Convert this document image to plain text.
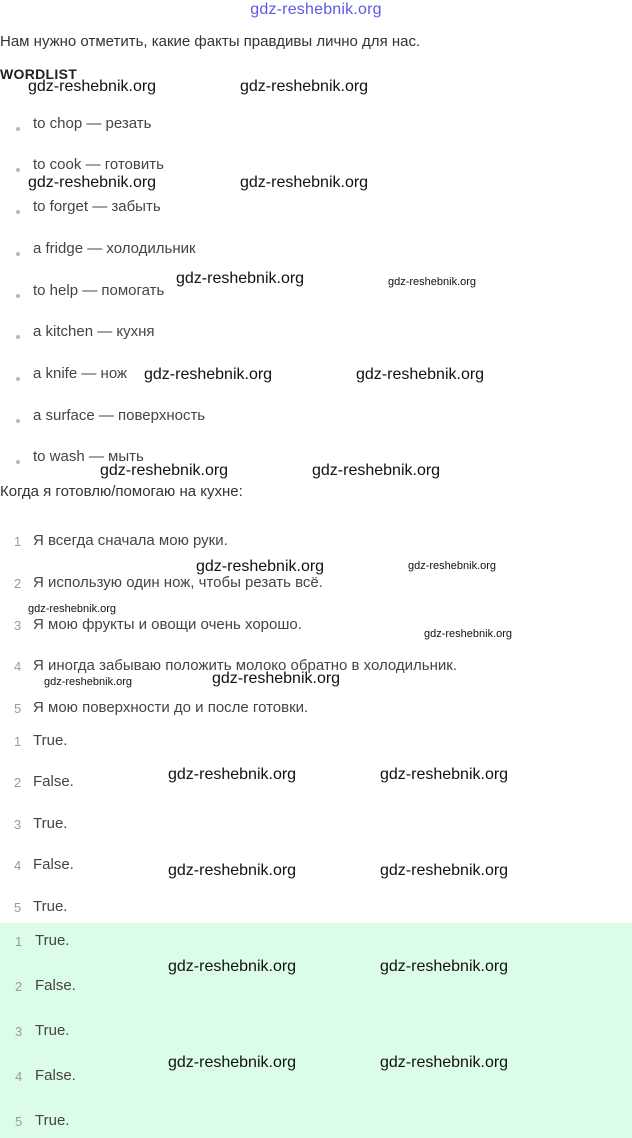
gdz-reshebnik.org
Нам нужно отметить, какие факты правдивы лично для нас.
WORDLIST
to chop — резать
to cook — готовить
to forget — забыть
a fridge — холодильник
to help — помогать
a kitchen — кухня
a knife — нож
a surface — поверхность
to wash — мыть
Когда я готовлю/помогаю на кухне:
1 Я всегда сначала мою руки.
2 Я использую один нож, чтобы резать всё.
3 Я мою фрукты и овощи очень хорошо.
4 Я иногда забываю положить молоко обратно в холодильник.
5 Я мою поверхности до и после готовки.
1 True.
2 False.
3 True.
4 False.
5 True.
1 True.
2 False.
3 True.
4 False.
5 True.
gdz-reshebnik.org	gdz-reshebnik.org
gdz-reshebnik.org	gdz-reshebnik.org
gdz-reshebnik.org	gdz-reshebnik.org
gdz-reshebnik.org	gdz-reshebnik.org
gdz-reshebnik.org	gdz-reshebnik.org
gdz-reshebnik.org	gdz-reshebnik.org
gdz-reshebnik.org
gdz-reshebnik.org
gdz-reshebnik.org	gdz-reshebnik.org
gdz-reshebnik.org	gdz-reshebnik.org
gdz-reshebnik.org	gdz-reshebnik.org
gdz-reshebnik.org	gdz-reshebnik.org
gdz-reshebnik.org	gdz-reshebnik.org
